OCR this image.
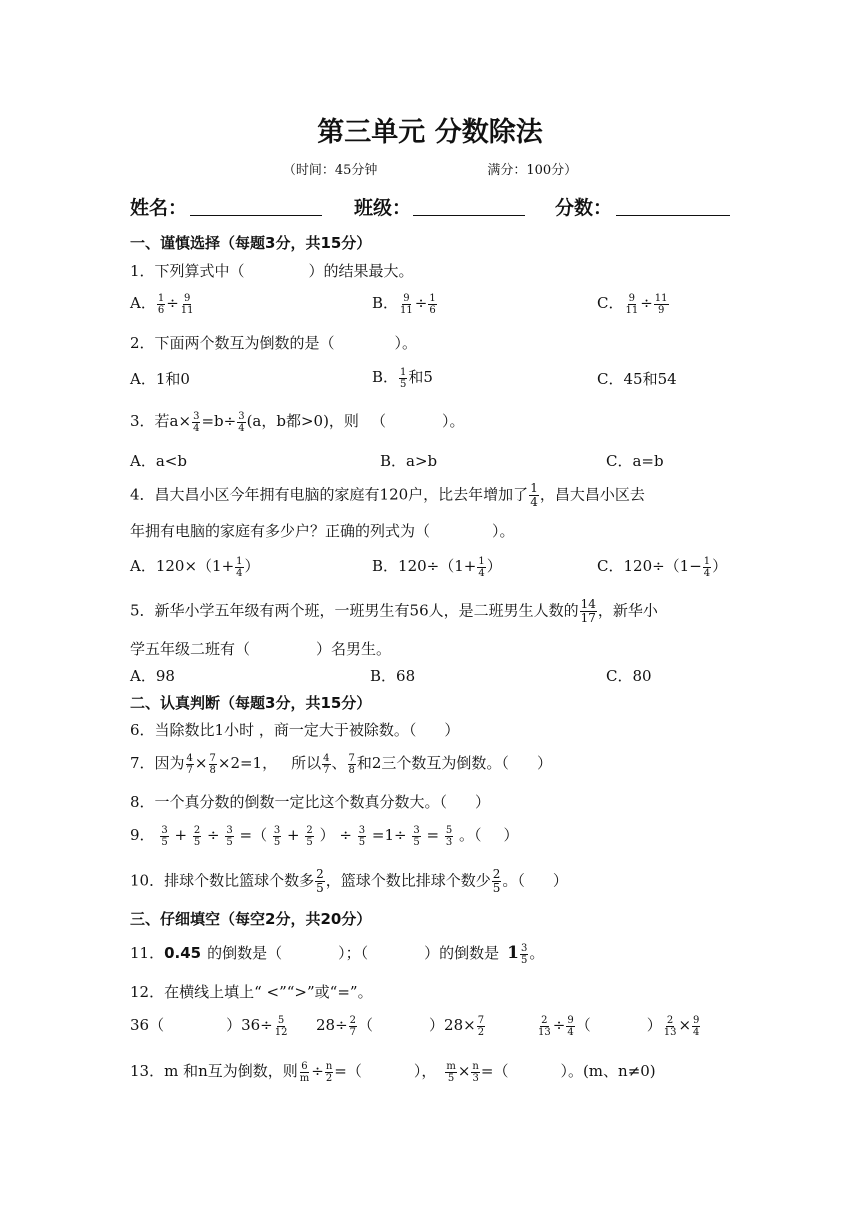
第三单元 分数除法
（时间：45分钟	满分：100分）
姓名：	班级：	分数：
一、谨慎选择（每题3分，共15分）
1．下列算式中（	）的结果最大。
A． $\frac{1}{6} \div \frac{9}{11}$	B． $\frac{9}{11} \div \frac{1}{6}$	C． $\frac{9}{11} \div \frac{11}{9}$
2．下面两个数互为倒数的是（	）。
A．1和0	B． $\frac{1}{5}$ 和5	C．45和54
3．若$a\times \frac{3}{4} =b\div \frac{3}{4} (a$，b都>0)，则 （	）。
A．a<b	B．a>b	C．a=b
4．昌大昌小区今年拥有电脑的家庭有120户，比去年增加了 $\frac{1}{4}$ ，昌大昌小区去
年拥有电脑的家庭有多少户？正确的列式为（	）。
A．$120\times(1+ \frac{1}{4}$ ）	B．$120\div(1+ \frac{1}{4}$ ）	C．$120\div(1- \frac{1}{4}$ ）
5．新华小学五年级有两个班，一班男生有56人，是二班男生人数的 $\frac{14}{17}$ ，新华小
学五年级二班有（	）名男生。
A．98	B．68	C．80
二、认真判断（每题3分，共15分）
6．当除数比1小时 ，商一定大于被除数。（ ）
7．因为 $\frac{4}{7} \times \frac{7}{8} \times 2=1$， 所以 $\frac{4}{7}$ 、 $\frac{7}{8}$ 和2三个数互为倒数。（ ）
8．一个真分数的倒数一定比这个数真分数大。（ ）
9． $\frac{3}{5} + \frac{2}{5} \div \frac{3}{5}$ =（ $\frac{3}{5} + \frac{2}{5}$ ） ÷ $\frac{3}{5} =1\div \frac{3}{5} = \frac{5}{3}$ 。（ ）
10．排球个数比篮球个数多 $\frac{2}{5}$ ，篮球个数比排球个数少 $\frac{2}{5}$ 。（ ）
三、仔细填空（每空2分，共20分）
11．0.45 的倒数是（	）；（	）的倒数是 $1 \frac{3}{5}$ 。
12．在横线上填上“ <”“>”或“=”。
36（	）$36\div \frac{5}{12} 28\div \frac{2}{7}$ （	）$28\times \frac{7}{2}$	$\frac{2}{13} \div \frac{9}{4}$ （	） $\frac{2}{13} \times \frac{9}{4}$
13．m 和n互为倒数，则 $\frac{6}{m} \div \frac{n}{2}$ =（	）， $\frac{m}{5} \times \frac{n}{3}$ =（	）。(m、n≠0)
